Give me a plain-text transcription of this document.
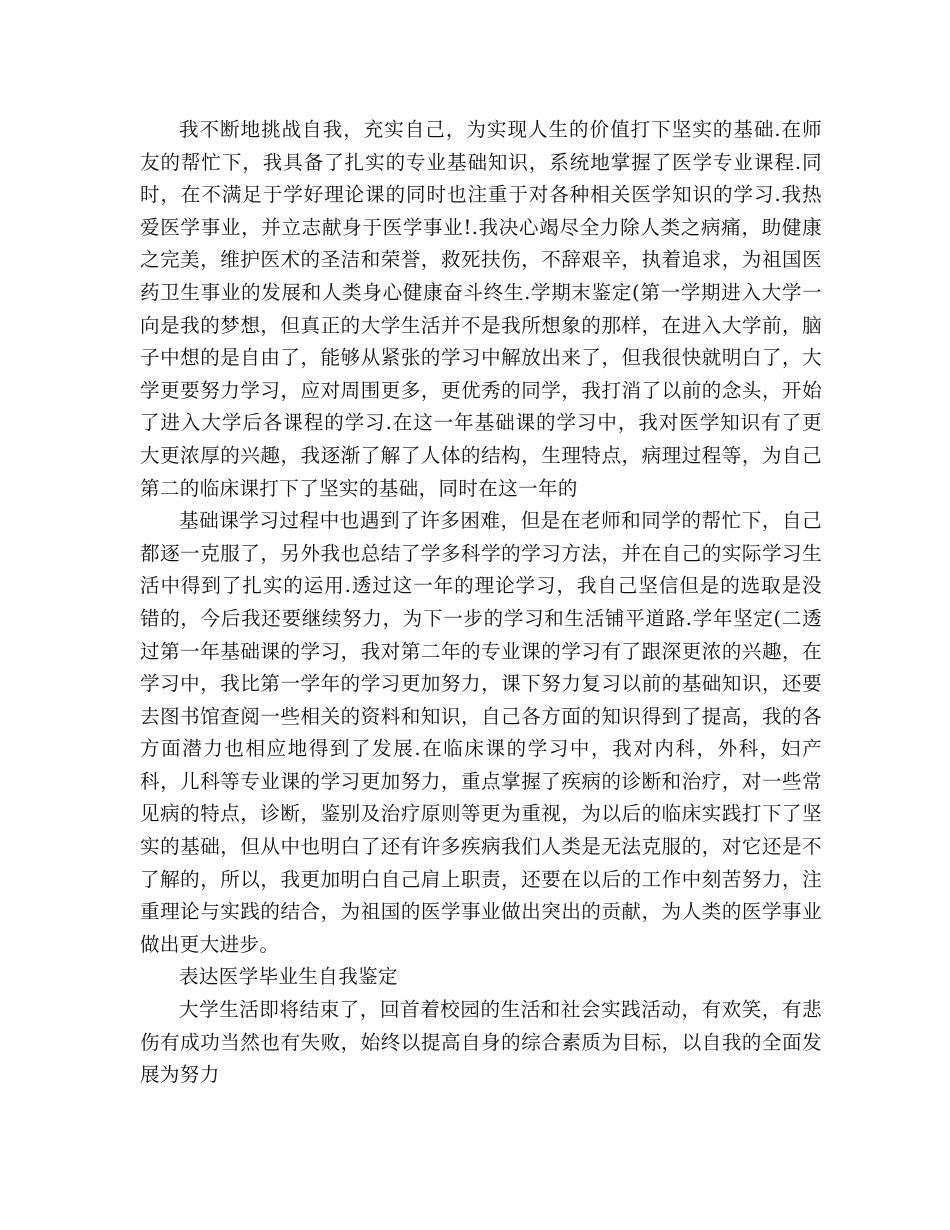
我不断地挑战自我，充实自己，为实现人生的价值打下坚实的基础.在师友的帮忙下，我具备了扎实的专业基础知识，系统地掌握了医学专业课程.同时，在不满足于学好理论课的同时也注重于对各种相关医学知识的学习.我热爱医学事业，并立志献身于医学事业!.我决心竭尽全力除人类之病痛，助健康之完美，维护医术的圣洁和荣誉，救死扶伤，不辞艰辛，执着追求，为祖国医药卫生事业的发展和人类身心健康奋斗终生.学期末鉴定(第一学期进入大学一向是我的梦想，但真正的大学生活并不是我所想象的那样，在进入大学前，脑子中想的是自由了，能够从紧张的学习中解放出来了，但我很快就明白了，大学更要努力学习，应对周围更多，更优秀的同学，我打消了以前的念头，开始了进入大学后各课程的学习.在这一年基础课的学习中，我对医学知识有了更大更浓厚的兴趣，我逐渐了解了人体的结构，生理特点，病理过程等，为自己第二的临床课打下了坚实的基础，同时在这一年的

基础课学习过程中也遇到了许多困难，但是在老师和同学的帮忙下，自己都逐一克服了，另外我也总结了学多科学的学习方法，并在自己的实际学习生活中得到了扎实的运用.透过这一年的理论学习，我自己坚信但是的选取是没错的，今后我还要继续努力，为下一步的学习和生活铺平道路.学年坚定(二透过第一年基础课的学习，我对第二年的专业课的学习有了跟深更浓的兴趣，在学习中，我比第一学年的学习更加努力，课下努力复习以前的基础知识，还要去图书馆查阅一些相关的资料和知识，自己各方面的知识得到了提高，我的各方面潜力也相应地得到了发展.在临床课的学习中，我对内科，外科，妇产科，儿科等专业课的学习更加努力，重点掌握了疾病的诊断和治疗，对一些常见病的特点，诊断，鉴别及治疗原则等更为重视，为以后的临床实践打下了坚实的基础，但从中也明白了还有许多疾病我们人类是无法克服的，对它还是不了解的，所以，我更加明白自己肩上职责，还要在以后的工作中刻苦努力，注重理论与实践的结合，为祖国的医学事业做出突出的贡献，为人类的医学事业做出更大进步。

表达医学毕业生自我鉴定

大学生活即将结束了，回首着校园的生活和社会实践活动，有欢笑，有悲伤有成功当然也有失败，始终以提高自身的综合素质为目标，以自我的全面发展为努力
